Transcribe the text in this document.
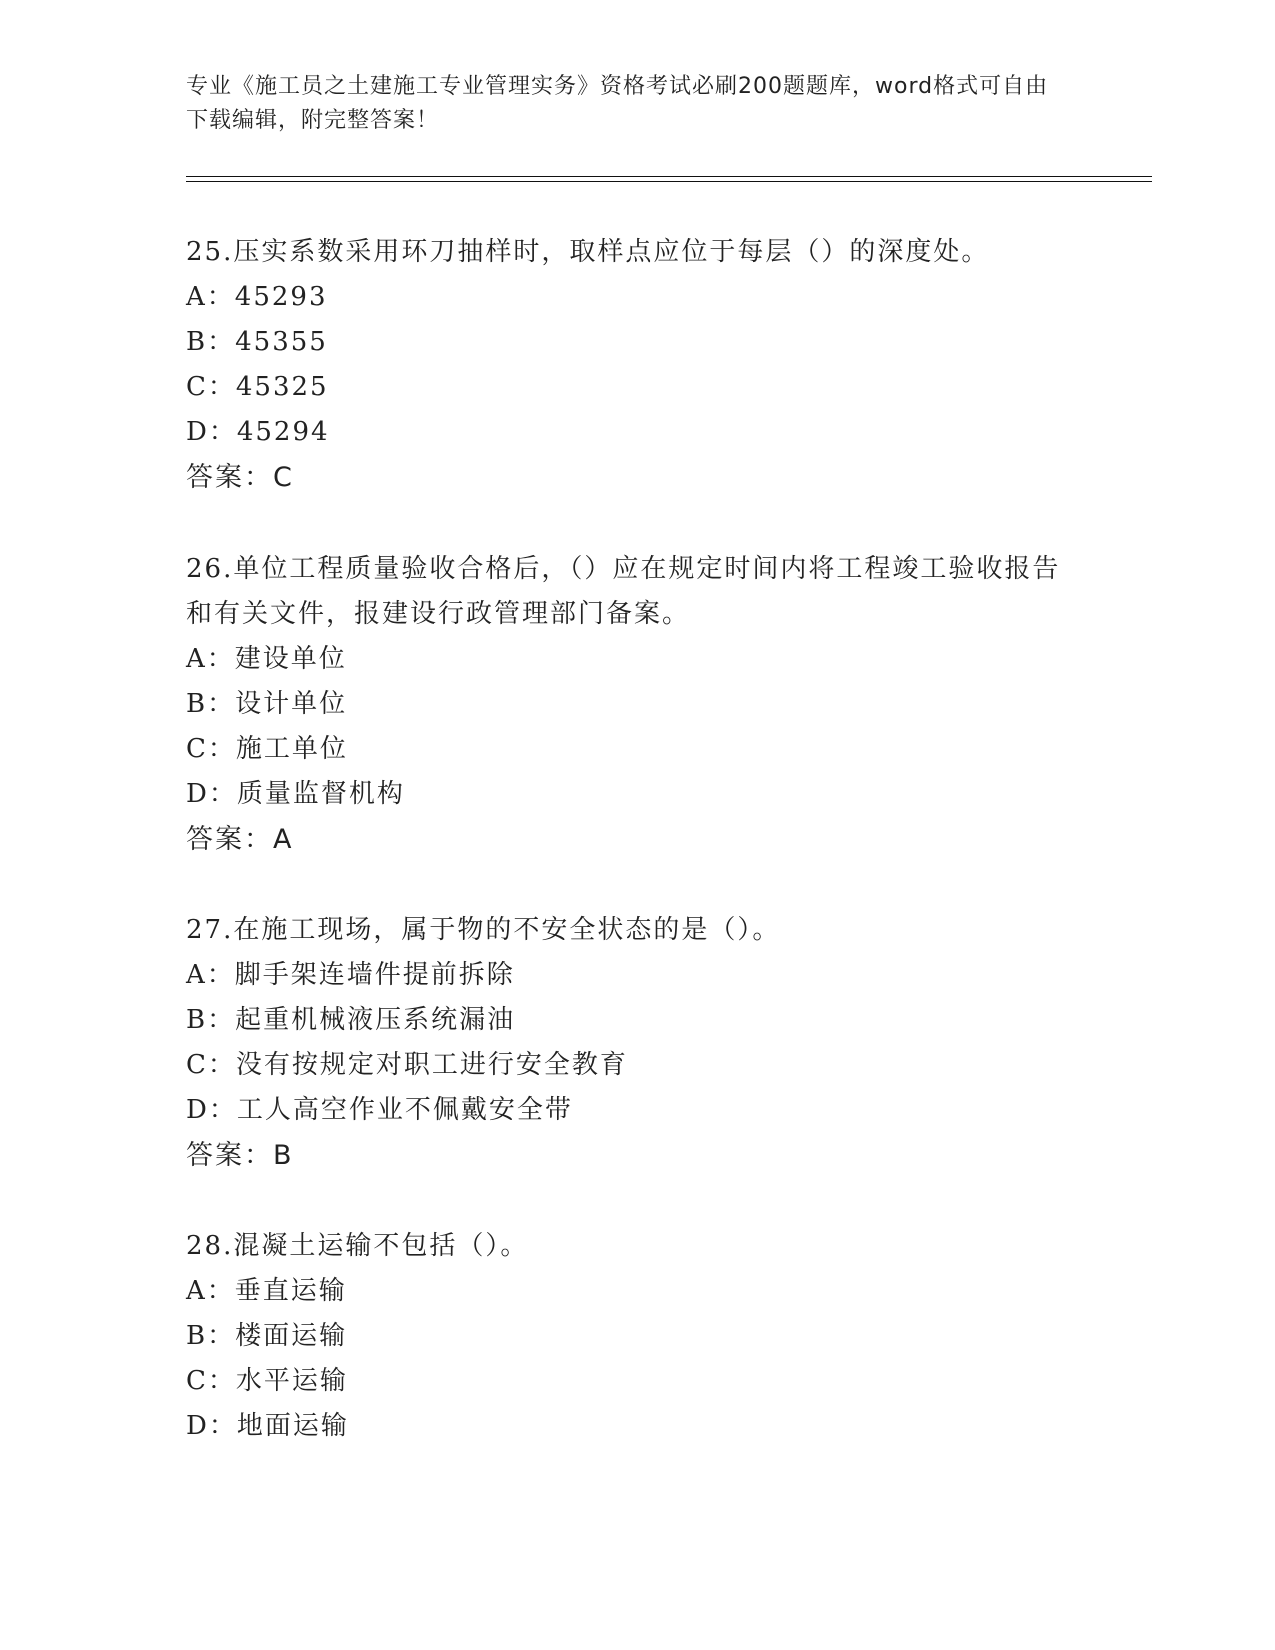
专业《施工员之土建施工专业管理实务》资格考试必刷200题题库，word格式可自由下载编辑，附完整答案！
25.压实系数采用环刀抽样时，取样点应位于每层（）的深度处。
A：45293
B：45355
C：45325
D：45294
答案：C
26.单位工程质量验收合格后，（）应在规定时间内将工程竣工验收报告和有关文件，报建设行政管理部门备案。
A：建设单位
B：设计单位
C：施工单位
D：质量监督机构
答案：A
27.在施工现场，属于物的不安全状态的是（）。
A：脚手架连墙件提前拆除
B：起重机械液压系统漏油
C：没有按规定对职工进行安全教育
D：工人高空作业不佩戴安全带
答案：B
28.混凝土运输不包括（）。
A：垂直运输
B：楼面运输
C：水平运输
D：地面运输
